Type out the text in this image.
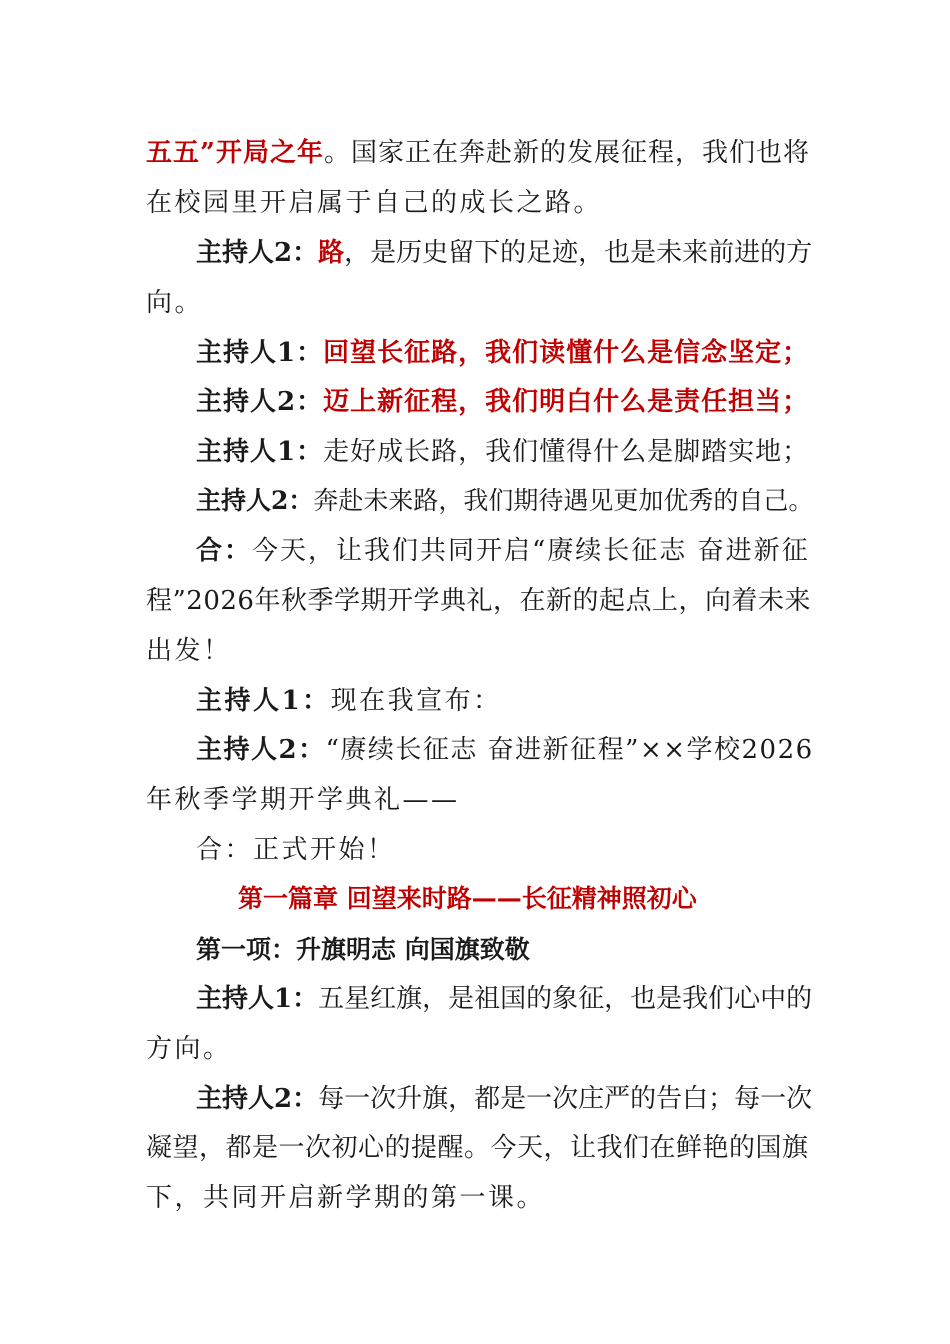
五五”开局之年。国家正在奔赴新的发展征程，我们也将
在校园里开启属于自己的成长之路。
主持人2：路，是历史留下的足迹，也是未来前进的方
向。
主持人1：回望长征路，我们读懂什么是信念坚定；
主持人2：迈上新征程，我们明白什么是责任担当；
主持人1：走好成长路，我们懂得什么是脚踏实地；
主持人2：奔赴未来路，我们期待遇见更加优秀的自己。
合：今天，让我们共同开启“赓续长征志 奋进新征
程”2026年秋季学期开学典礼，在新的起点上，向着未来
出发！
主持人1：现在我宣布：
主持人2：“赓续长征志 奋进新征程”××学校2026
年秋季学期开学典礼——
合：正式开始！
第一篇章 回望来时路——长征精神照初心
第一项：升旗明志 向国旗致敬
主持人1：五星红旗，是祖国的象征，也是我们心中的
方向。
主持人2：每一次升旗，都是一次庄严的告白；每一次
凝望，都是一次初心的提醒。今天，让我们在鲜艳的国旗
下，共同开启新学期的第一课。
